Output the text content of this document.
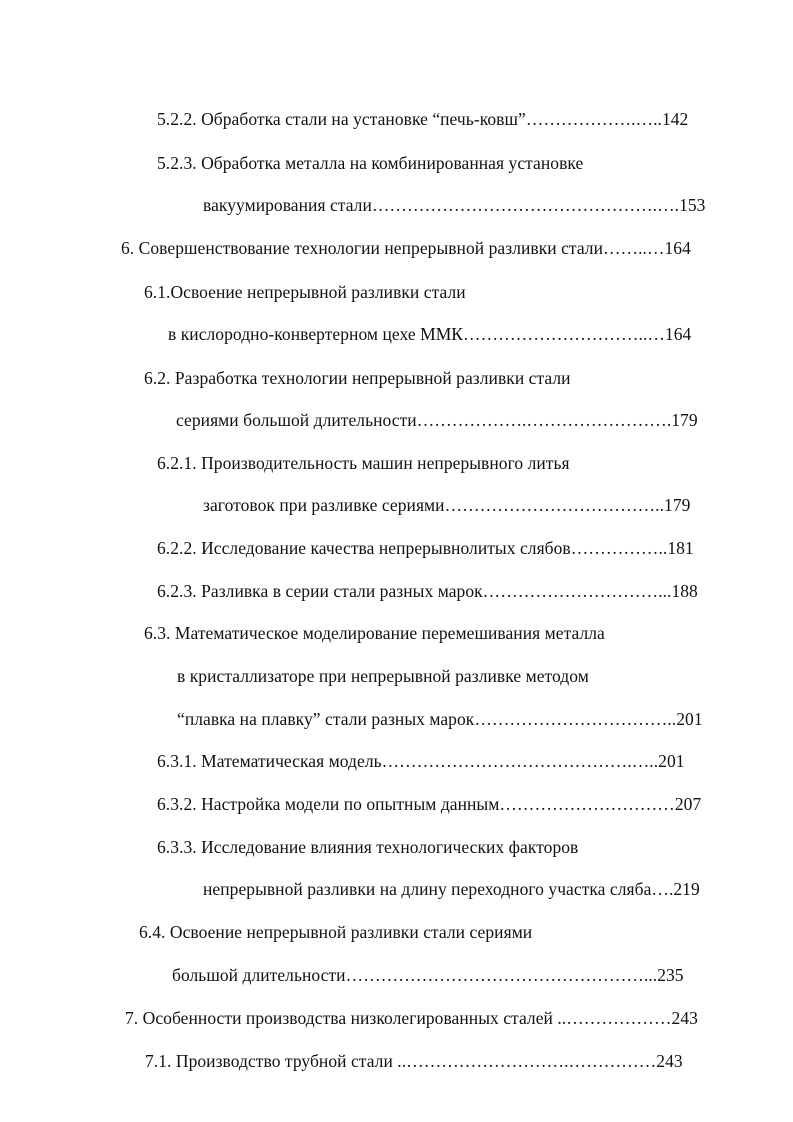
5.2.2. Обработка стали на установке “печь-ковш”……………….…..142
5.2.3. Обработка металла на комбинированная установке
вакуумирования стали………………………………………….….153
6. Совершенствование технологии непрерывной разливки стали……..…164
6.1.Освоение непрерывной разливки стали
в кислородно-конвертерном цехе ММК…………………………..…164
6.2. Разработка технологии непрерывной разливки стали
сериями большой длительности……………….…………………….179
6.2.1. Производительность машин непрерывного литья
заготовок при разливке сериями………………………………..179
6.2.2. Исследование качества непрерывнолитых слябов……………..181
6.2.3. Разливка в серии стали разных марок…………………………...188
6.3. Математическое моделирование перемешивания металла
в кристаллизаторе при непрерывной разливке методом
“плавка на плавку” стали разных марок……………………………..201
6.3.1. Математическая модель…………………………………….…..201
6.3.2. Настройка модели по опытным данным…………………………207
6.3.3. Исследование влияния технологических факторов
непрерывной разливки на длину переходного участка сляба….219
6.4. Освоение непрерывной разливки стали сериями
большой длительности……………………………………………...235
7. Особенности производства низколегированных сталей ..………………243
7.1. Производство трубной стали ..……………………….……………243
